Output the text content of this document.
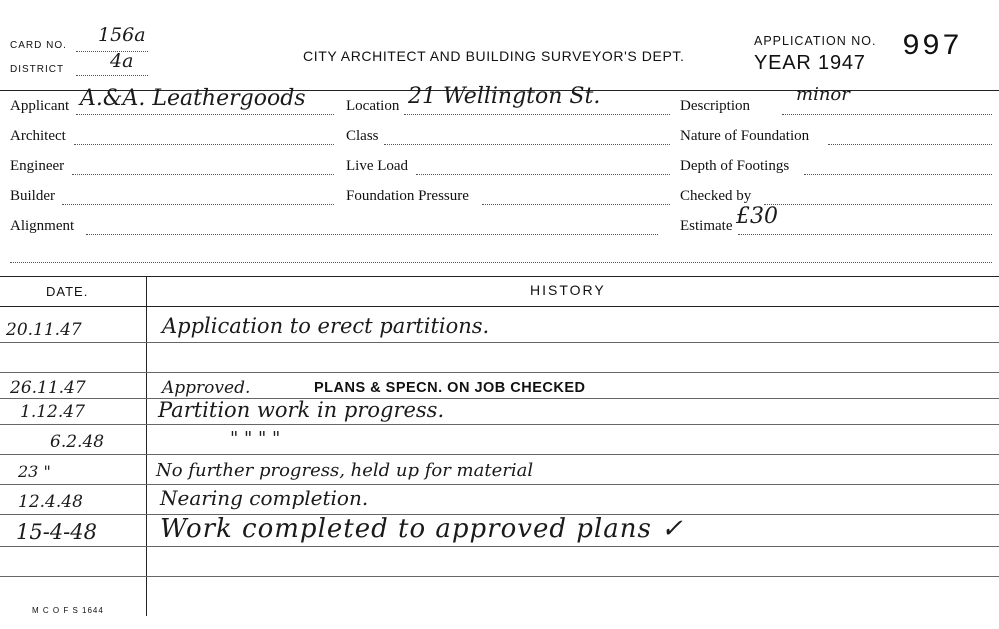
CARD NO. 156a
DISTRICT 4a	CITY ARCHITECT AND BUILDING SURVEYOR'S DEPT.
APPLICATION NO. 997
YEAR 1947
Applicant A.&A. Leathergoods
Architect
Engineer
Builder
Alignment
Location 21 Wellington St.
Class
Live Load
Foundation Pressure
Description
minor
Nature of Foundation
Depth of Footings
Checked by
Estimate £30
DATE.	HISTORY
20.11.47	Application to erect partitions.
26.11.47	Approved.	PLANS & SPECN. ON JOB CHECKED
1.12.47	Partition work in progress.
6.2.48	" " " "
23 "	No further progress, held up for material
12.4.48	Nearing completion.
15-4-48 Work completed to approved plans ✓
M C O F S 1644
